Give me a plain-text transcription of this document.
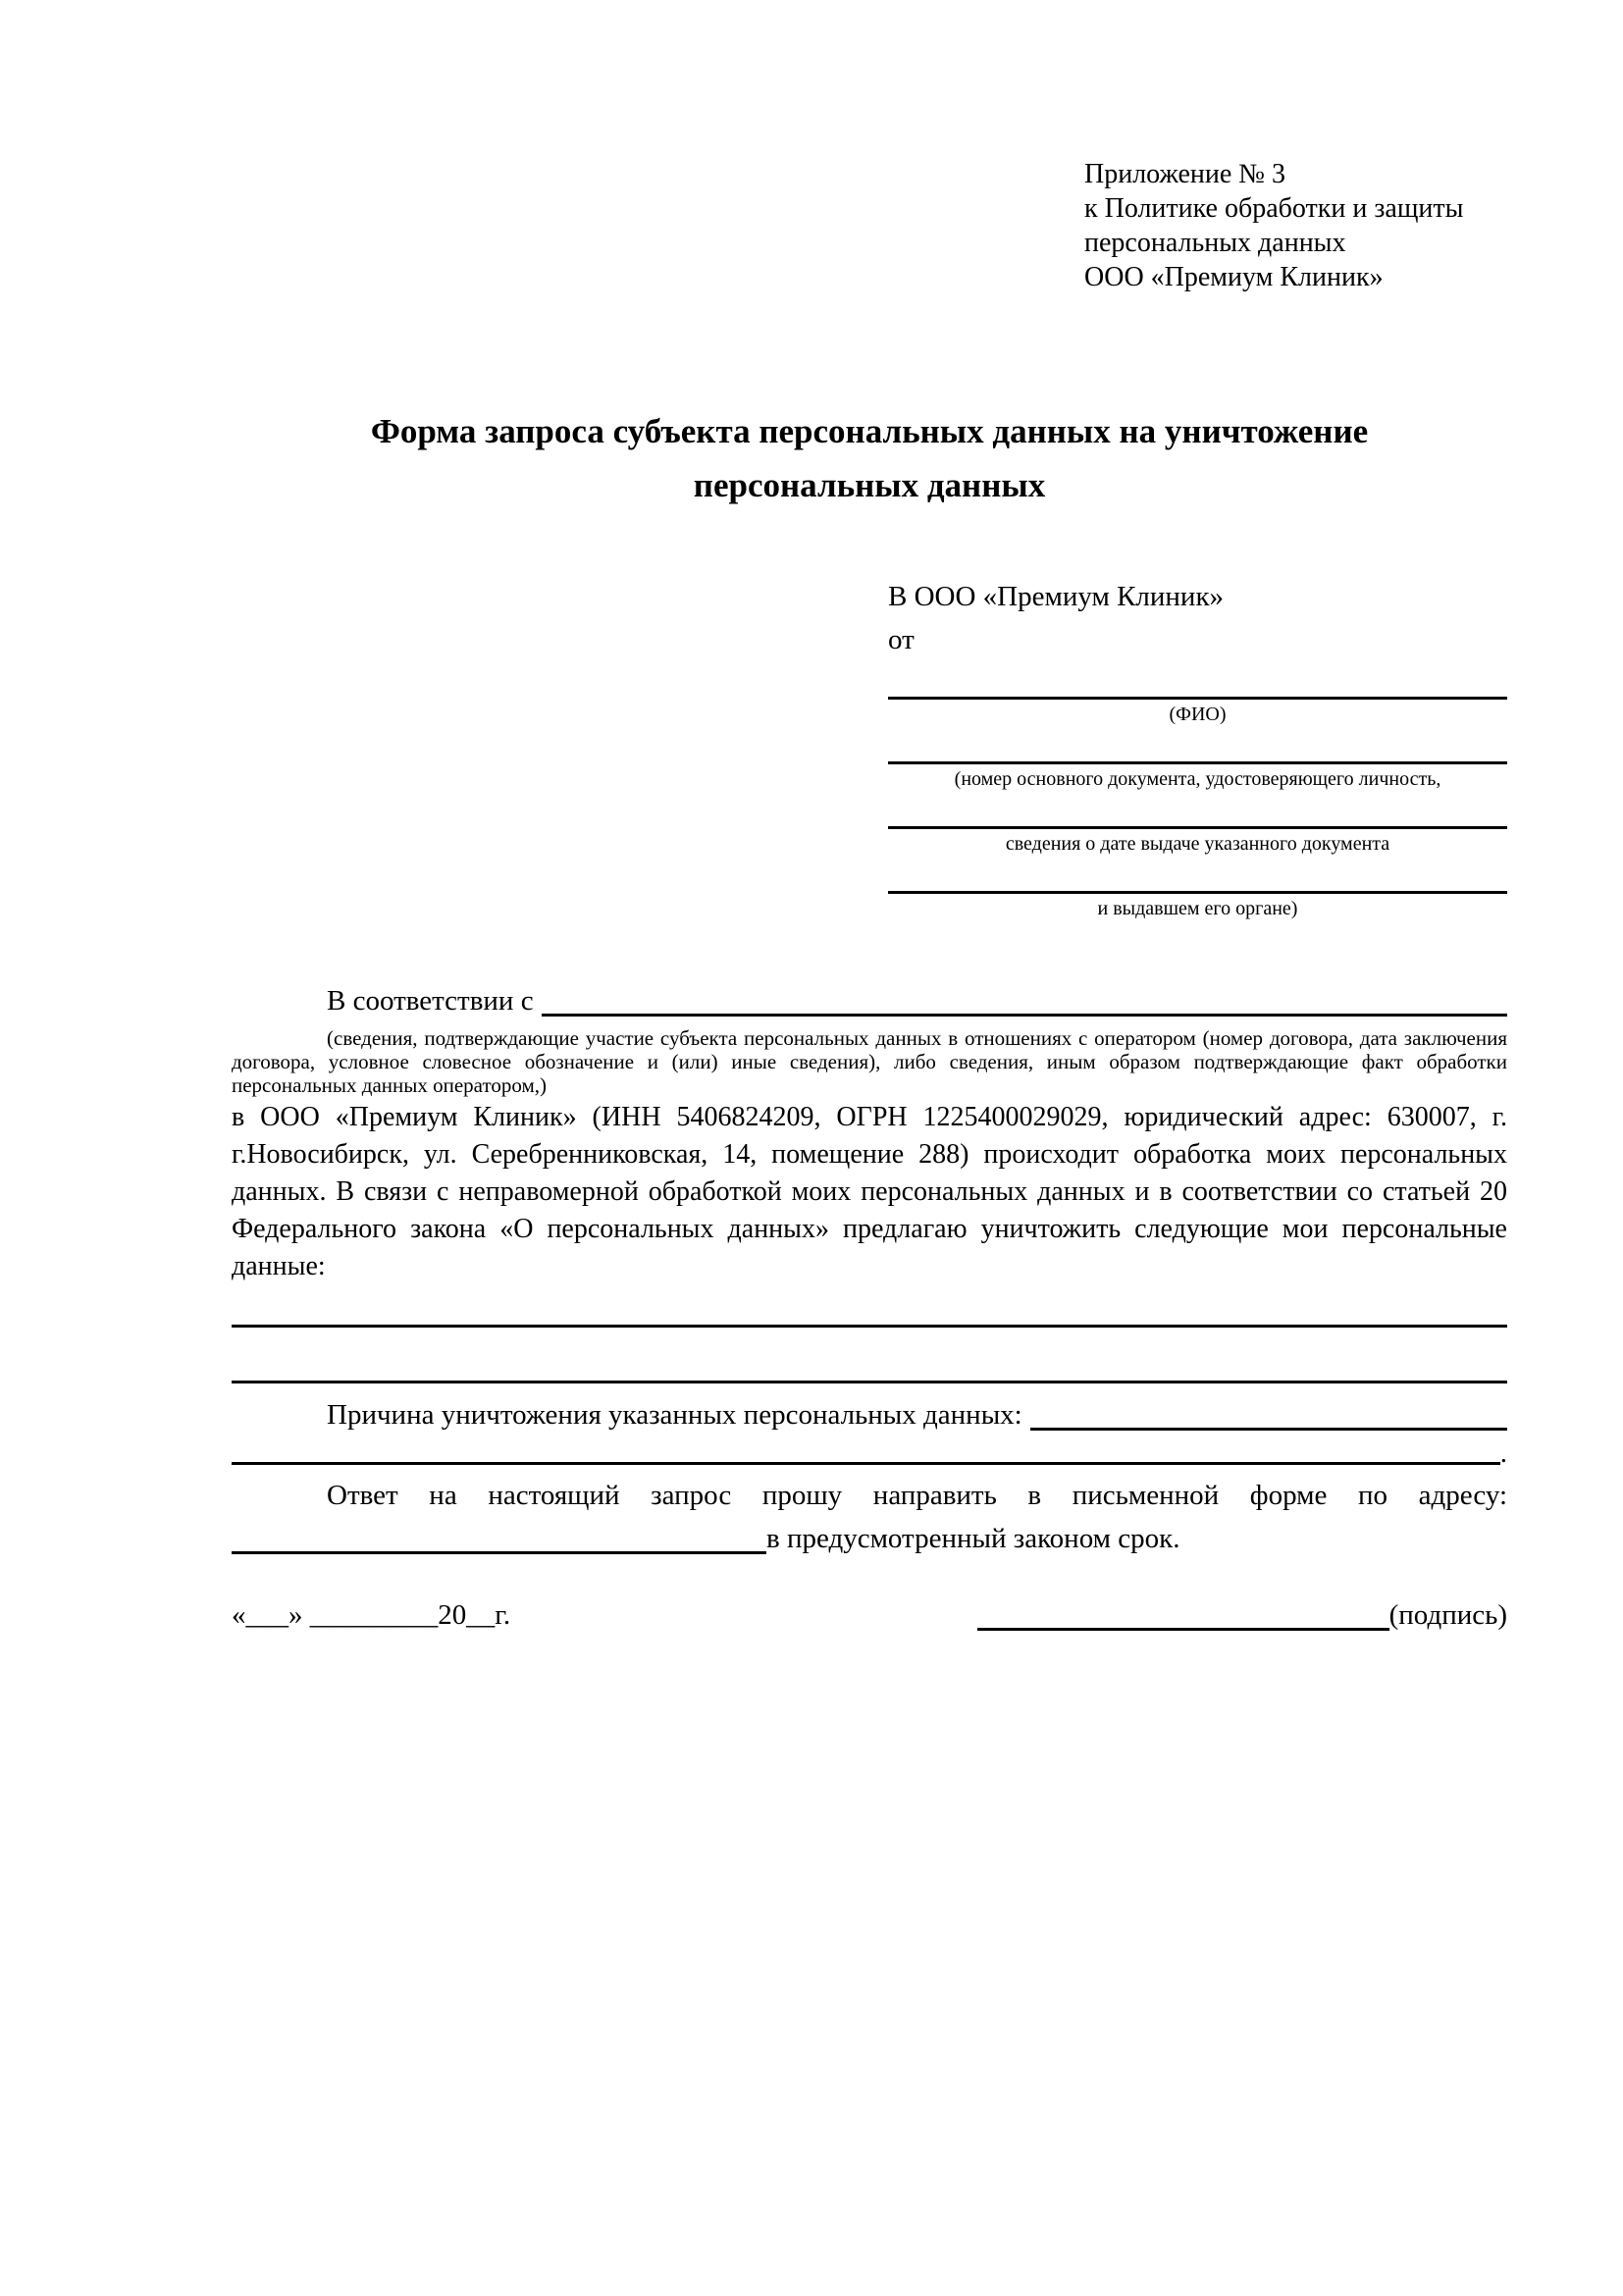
Приложение № 3
к Политике обработки и защиты
персональных данных
ООО «Премиум Клиник»
Форма запроса субъекта персональных данных на уничтожение персональных данных
В ООО «Премиум Клиник»
от
(ФИО)
(номер основного документа, удостоверяющего личность,
сведения о дате выдаче указанного документа
и выдавшем его органе)
В соответствии с
(сведения, подтверждающие участие субъекта персональных данных в отношениях с оператором (номер договора, дата заключения договора, условное словесное обозначение и (или) иные сведения), либо сведения, иным образом подтверждающие факт обработки персональных данных оператором,)
в ООО «Премиум Клиник» (ИНН 5406824209, ОГРН 1225400029029, юридический адрес: 630007, г. г.Новосибирск, ул. Серебренниковская, 14, помещение 288) происходит обработка моих персональных данных. В связи с неправомерной обработкой моих персональных данных и в соответствии со статьей 20 Федерального закона «О персональных данных» предлагаю уничтожить следующие мои персональные данные:
Причина уничтожения указанных персональных данных:
.
Ответ на настоящий запрос прошу направить в письменной форме по адресу:
в предусмотренный законом срок.
«___» _________20__г.	(подпись)
